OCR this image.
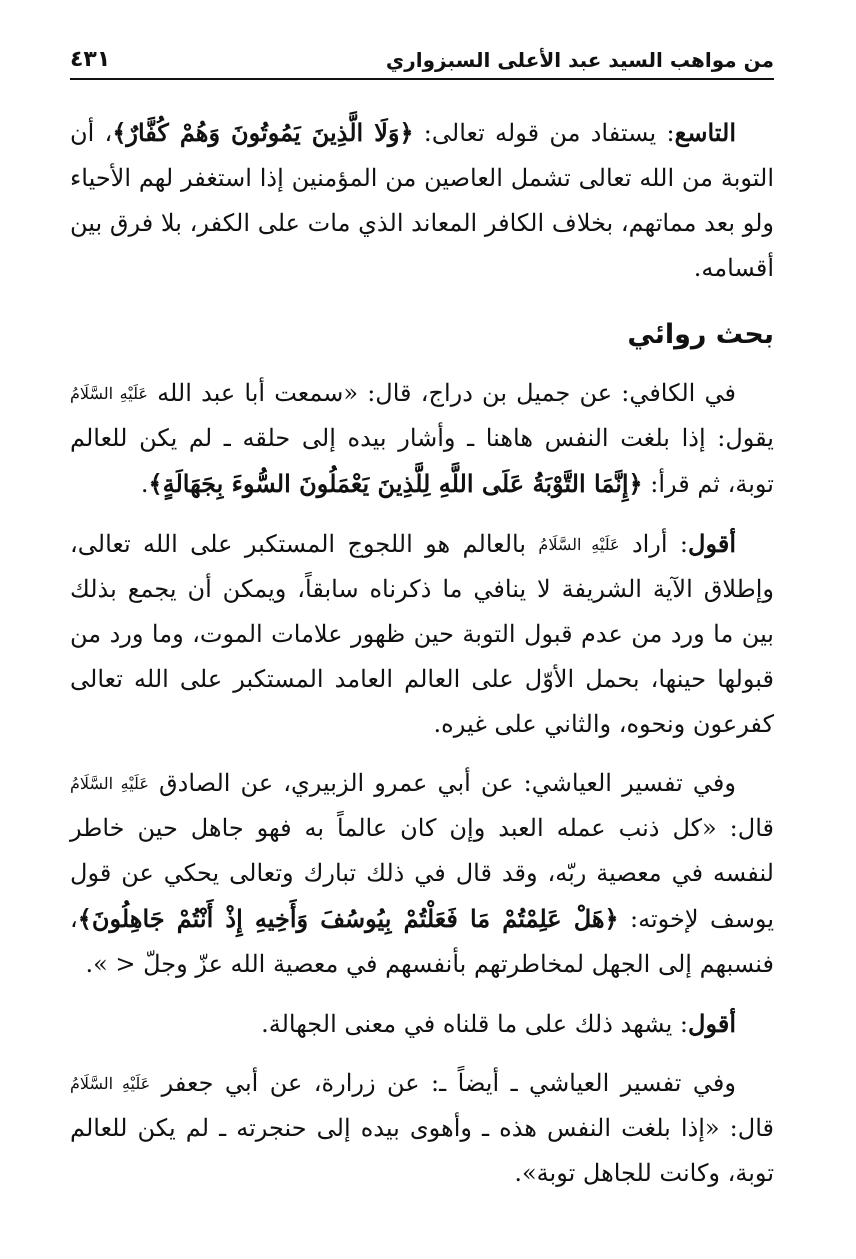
من مواهب السيد عبد الأعلى السبزواري
٤٣١

التاسع: يستفاد من قوله تعالى: ﴿وَلَا الَّذِينَ يَمُوتُونَ وَهُمْ كُفَّارٌ﴾، أن التوبة من الله تعالى تشمل العاصين من المؤمنين إذا استغفر لهم الأحياء ولو بعد مماتهم، بخلاف الكافر المعاند الذي مات على الكفر، بلا فرق بين أقسامه.

بحث روائي

في الكافي: عن جميل بن دراج، قال: «سمعت أبا عبد الله عَلَيْهِ السَّلَامُ يقول: إذا بلغت النفس هاهنا ـ وأشار بيده إلى حلقه ـ لم يكن للعالم توبة، ثم قرأ: ﴿إِنَّمَا التَّوْبَةُ عَلَى اللَّهِ لِلَّذِينَ يَعْمَلُونَ السُّوءَ بِجَهَالَةٍ﴾.

أقول: أراد عَلَيْهِ السَّلَامُ بالعالم هو اللجوج المستكبر على الله تعالى، وإطلاق الآية الشريفة لا ينافي ما ذكرناه سابقاً، ويمكن أن يجمع بذلك بين ما ورد من عدم قبول التوبة حين ظهور علامات الموت، وما ورد من قبولها حينها، بحمل الأوّل على العالم العامد المستكبر على الله تعالى كفرعون ونحوه، والثاني على غيره.

وفي تفسير العياشي: عن أبي عمرو الزبيري، عن الصادق عَلَيْهِ السَّلَامُ قال: «كل ذنب عمله العبد وإن كان عالماً به فهو جاهل حين خاطر لنفسه في معصية ربّه، وقد قال في ذلك تبارك وتعالى يحكي عن قول يوسف لإخوته: ﴿هَلْ عَلِمْتُمْ مَا فَعَلْتُمْ بِيُوسُفَ وَأَخِيهِ إِذْ أَنْتُمْ جَاهِلُونَ﴾، فنسبهم إلى الجهل لمخاطرتهم بأنفسهم في معصية الله عزّ وجلّ < ».

أقول: يشهد ذلك على ما قلناه في معنى الجهالة.

وفي تفسير العياشي ـ أيضاً ـ: عن زرارة، عن أبي جعفر عَلَيْهِ السَّلَامُ قال: «إذا بلغت النفس هذه ـ وأهوى بيده إلى حنجرته ـ لم يكن للعالم توبة، وكانت للجاهل توبة».
